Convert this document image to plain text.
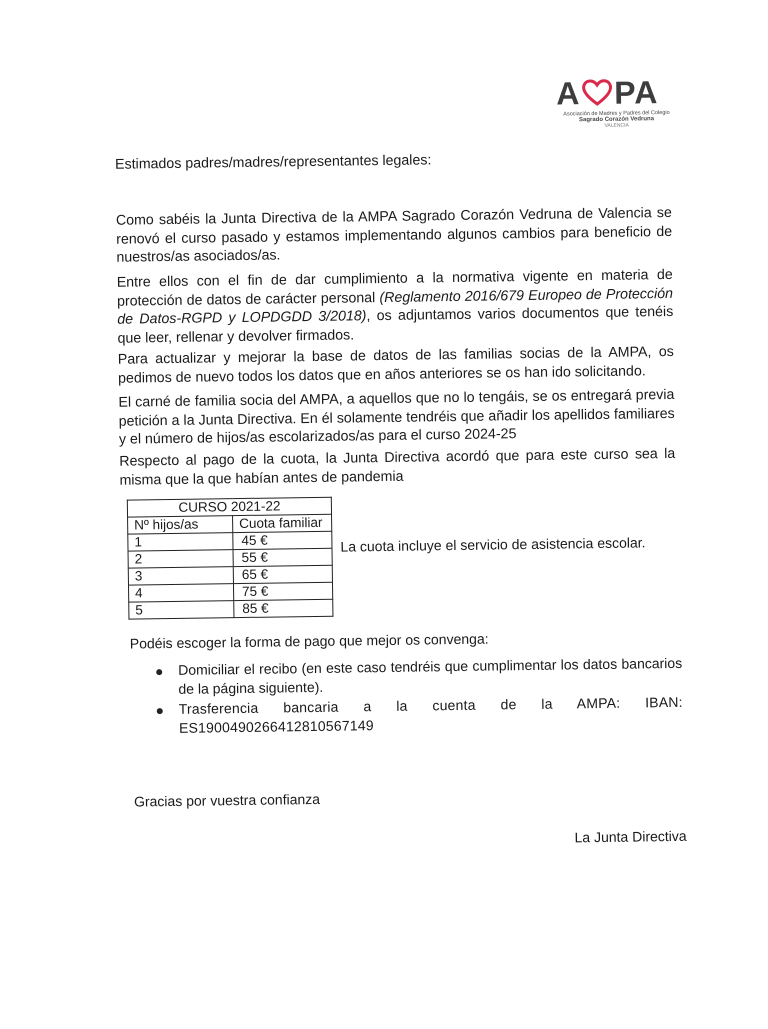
A PA
Asociación de Madres y Padres del Colegio
Sagrado Corazón Vedruna
VALENCIA

Estimados padres/madres/representantes legales:

Como sabéis la Junta Directiva de la AMPA Sagrado Corazón Vedruna de Valencia se renovó el curso pasado y estamos implementando algunos cambios para beneficio de nuestros/as asociados/as.

Entre ellos con el fin de dar cumplimiento a la normativa vigente en materia de protección de datos de carácter personal (Reglamento 2016/679 Europeo de Protección de Datos-RGPD y LOPDGDD 3/2018), os adjuntamos varios documentos que tenéis que leer, rellenar y devolver firmados.

Para actualizar y mejorar la base de datos de las familias socias de la AMPA, os pedimos de nuevo todos los datos que en años anteriores se os han ido solicitando.

El carné de familia socia del AMPA, a aquellos que no lo tengáis, se os entregará previa petición a la Junta Directiva. En él solamente tendréis que añadir los apellidos familiares y el número de hijos/as escolarizados/as para el curso 2024-25

Respecto al pago de la cuota, la Junta Directiva acordó que para este curso sea la misma que la que habían antes de pandemia

CURSO 2021-22	
Nº hijos/as	Cuota familiar
1	45 €
2	55 €
3	65 €
4	75 €
5	85 €
La cuota incluye el servicio de asistencia escolar.
Podéis escoger la forma de pago que mejor os convenga:
Domiciliar el recibo (en este caso tendréis que cumplimentar los datos bancarios de la página siguiente).
Trasferencia bancaria a la cuenta de la AMPA: IBAN: ES1900490266412810567149
Gracias por vuestra confianza
La Junta Directiva
